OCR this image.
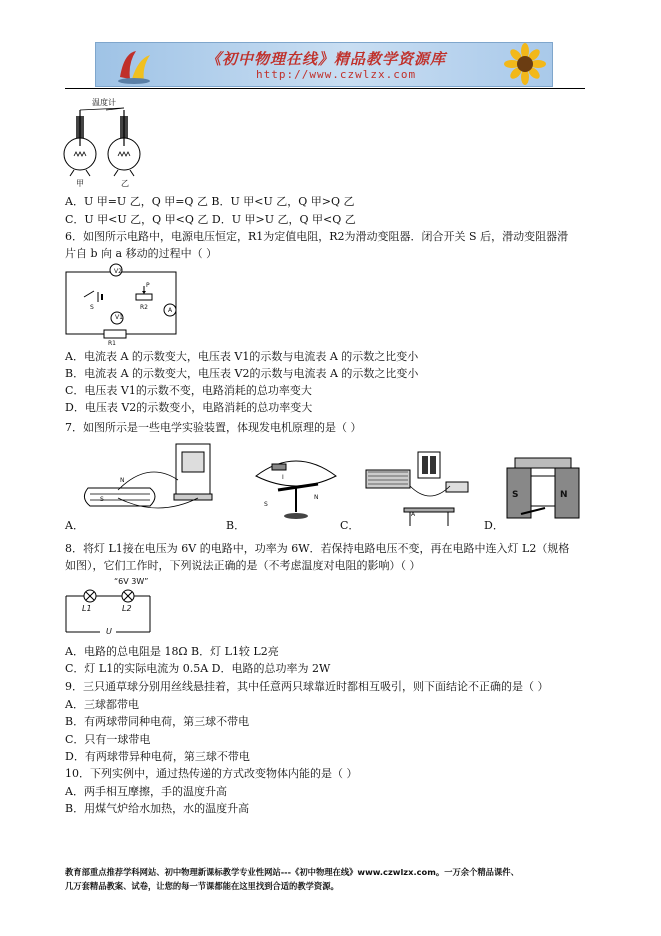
《初中物理在线》精品教学资源库
http://www.czwlzx.com
温度计
甲	乙
A．U 甲=U 乙，Q 甲=Q 乙 B．U 甲<U 乙，Q 甲>Q 乙
C．U 甲<U 乙，Q 甲<Q 乙 D．U 甲>U 乙，Q 甲<Q 乙
6．如图所示电路中，电源电压恒定，R1为定值电阻，R2为滑动变阻器．闭合开关 S 后，滑动变阻器滑
片自 b 向 a 移动的过程中（ ）
V2
V1
A
P
S	R2
R1
A．电流表 A 的示数变大，电压表 V1的示数与电流表 A 的示数之比变小
B．电流表 A 的示数变大，电压表 V2的示数与电流表 A 的示数之比变小
C．电压表 V1的示数不变，电路消耗的总功率变大
D．电压表 V2的示数变小，电路消耗的总功率变大
7．如图所示是一些电学实验装置，体现发电机原理的是（ ）
N
S
A．
I
S
N
B．
A
C．
S	N
D．
8．将灯 L1接在电压为 6V 的电路中，功率为 6W．若保持电路电压不变，再在电路中连入灯 L2（规格
如图），它们工作时，下列说法正确的是（不考虑温度对电阻的影响）（ ）
“6V 3W”
L1	L2
U
A．电路的总电阻是 18Ω B．灯 L1较 L2亮
C．灯 L1的实际电流为 0.5A D．电路的总功率为 2W
9．三只通草球分别用丝线悬挂着，其中任意两只球靠近时都相互吸引，则下面结论不正确的是（ ）
A．三球都带电
B．有两球带同种电荷，第三球不带电
C．只有一球带电
D．有两球带异种电荷，第三球不带电
10．下列实例中，通过热传递的方式改变物体内能的是（ ）
A．两手相互摩擦，手的温度升高
B．用煤气炉给水加热，水的温度升高
教育部重点推荐学科网站、初中物理新课标教学专业性网站---《初中物理在线》www.czwlzx.com。一万余个精品课件、
几万套精品教案、试卷，让您的每一节课都能在这里找到合适的教学资源。
